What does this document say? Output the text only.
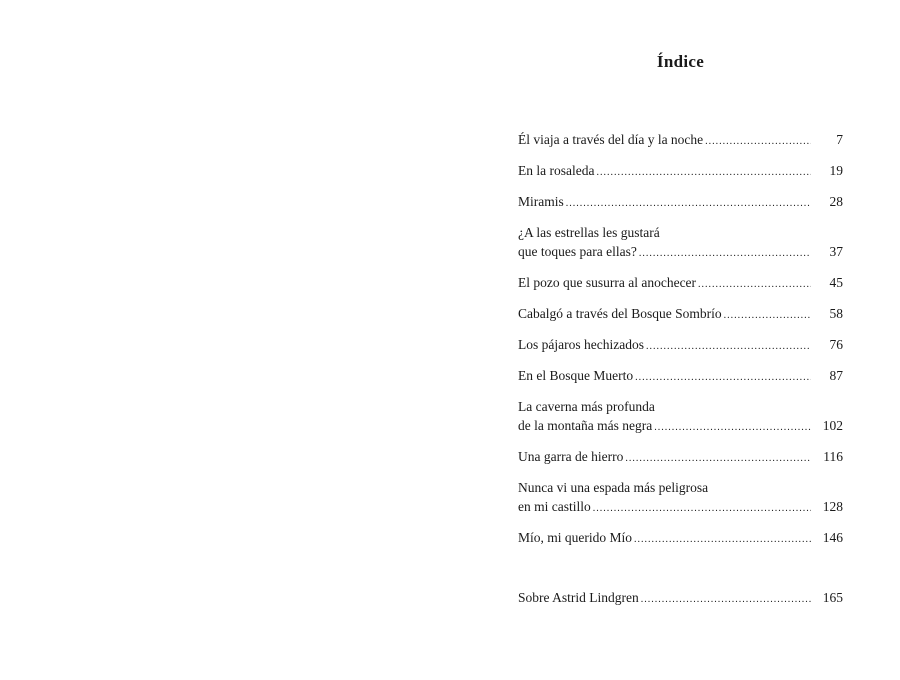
Índice
Él viaja a través del día y la noche .....	7
En la rosaleda .....	19
Miramis .....	28
¿A las estrellas les gustará
que toques para ellas? .....	37
El pozo que susurra al anochecer .....	45
Cabalgó a través del Bosque Sombrío .....	58
Los pájaros hechizados .....	76
En el Bosque Muerto .....	87
La caverna más profunda
de la montaña más negra .....	102
Una garra de hierro .....	116
Nunca vi una espada más peligrosa
en mi castillo .....	128
Mío, mi querido Mío .....	146
Sobre Astrid Lindgren .....	165
